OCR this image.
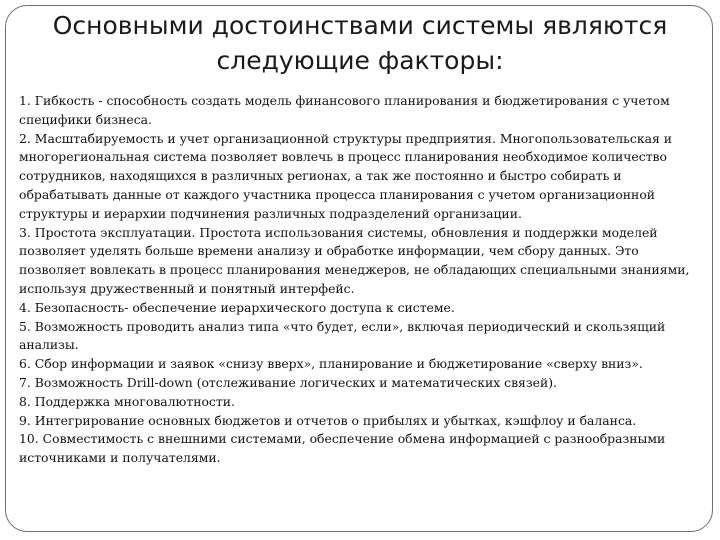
Основными достоинствами системы являются
следующие факторы:

1. Гибкость - способность создать модель финансового планирования и бюджетирования с учетом специфики бизнеса.

2. Масштабируемость и учет организационной структуры предприятия. Многопользовательская и многорегиональная система позволяет вовлечь в процесс планирования необходимое количество сотрудников, находящихся в различных регионах, а так же постоянно и быстро собирать и обрабатывать данные от каждого участника процесса планирования с учетом организационной структуры и иерархии подчинения различных подразделений организации.

3. Простота эксплуатации. Простота использования системы, обновления и поддержки моделей позволяет уделять больше времени анализу и обработке информации, чем сбору данных. Это позволяет вовлекать в процесс планирования менеджеров, не обладающих специальными знаниями, используя дружественный и понятный интерфейс.

4. Безопасность- обеспечение иерархического доступа к системе.

5. Возможность проводить анализ типа «что будет, если», включая периодический и скользящий анализы.

6. Сбор информации и заявок «снизу вверх», планирование и бюджетирование «сверху вниз».

7. Возможность Drill-down (отслеживание логических и математических связей).

8. Поддержка многовалютности.

9. Интегрирование основных бюджетов и отчетов о прибылях и убытках, кэшфлоу и баланса.

10. Совместимость с внешними системами, обеспечение обмена информацией с разнообразными источниками и получателями.
